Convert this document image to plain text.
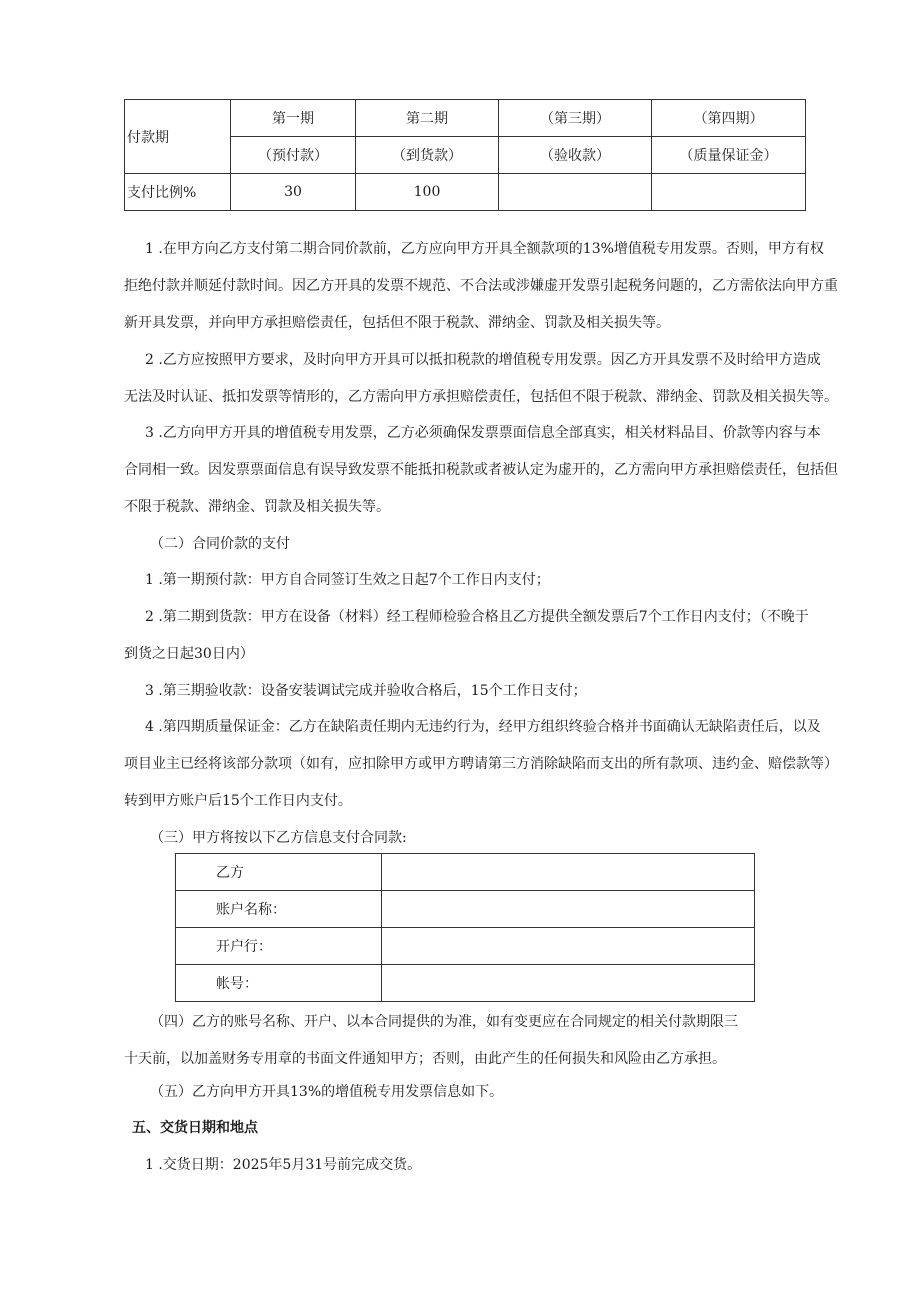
付款期	第一期	第二期	（第三期）	（第四期）
	（预付款）	（到货款）	（验收款）	（质量保证金）
支付比例%	30	100		
1 .在甲方向乙方支付第二期合同价款前，乙方应向甲方开具全额款项的13%增值税专用发票。否则，甲方有权
拒绝付款并顺延付款时间。因乙方开具的发票不规范、不合法或涉嫌虚开发票引起税务问题的，乙方需依法向甲方重
新开具发票，并向甲方承担赔偿责任，包括但不限于税款、滞纳金、罚款及相关损失等。
2 .乙方应按照甲方要求，及时向甲方开具可以抵扣税款的增值税专用发票。因乙方开具发票不及时给甲方造成
无法及时认证、抵扣发票等情形的，乙方需向甲方承担赔偿责任，包括但不限于税款、滞纳金、罚款及相关损失等。
3 .乙方向甲方开具的增值税专用发票，乙方必须确保发票票面信息全部真实，相关材料品目、价款等内容与本
合同相一致。因发票票面信息有误导致发票不能抵扣税款或者被认定为虚开的，乙方需向甲方承担赔偿责任，包括但
不限于税款、滞纳金、罚款及相关损失等。
（二）合同价款的支付
1 .第一期预付款：甲方自合同签订生效之日起7个工作日内支付；
2 .第二期到货款：甲方在设备（材料）经工程师检验合格且乙方提供全额发票后7个工作日内支付；（不晚于
到货之日起30日内）
3 .第三期验收款：设备安装调试完成并验收合格后，15个工作日支付；
4 .第四期质量保证金：乙方在缺陷责任期内无违约行为，经甲方组织终验合格并书面确认无缺陷责任后，以及
项目业主已经将该部分款项（如有，应扣除甲方或甲方聘请第三方消除缺陷而支出的所有款项、违约金、赔偿款等）
转到甲方账户后15个工作日内支付。
（三）甲方将按以下乙方信息支付合同款:
乙方	
账户名称：	
开户行：	
帐号：	
（四）乙方的账号名称、开户、以本合同提供的为准，如有变更应在合同规定的相关付款期限三
十天前，以加盖财务专用章的书面文件通知甲方；否则，由此产生的任何损失和风险由乙方承担。
（五）乙方向甲方开具13%的增值税专用发票信息如下。
五、交货日期和地点
1 .交货日期：2025年5月31号前完成交货。
